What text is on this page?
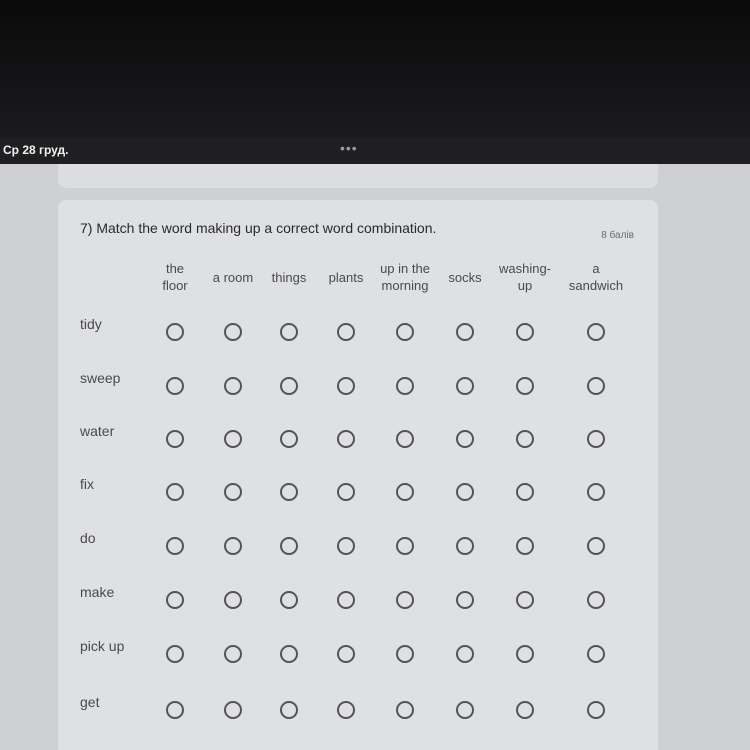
Ср 28 груд.	•••
7) Match the word making up a correct word combination.	8 балів
the
floor
a room things plants
up in the
morning
socks
washing-
up
a
sandwich
tidy
sweep
water
fix
do
make
pick up
get
